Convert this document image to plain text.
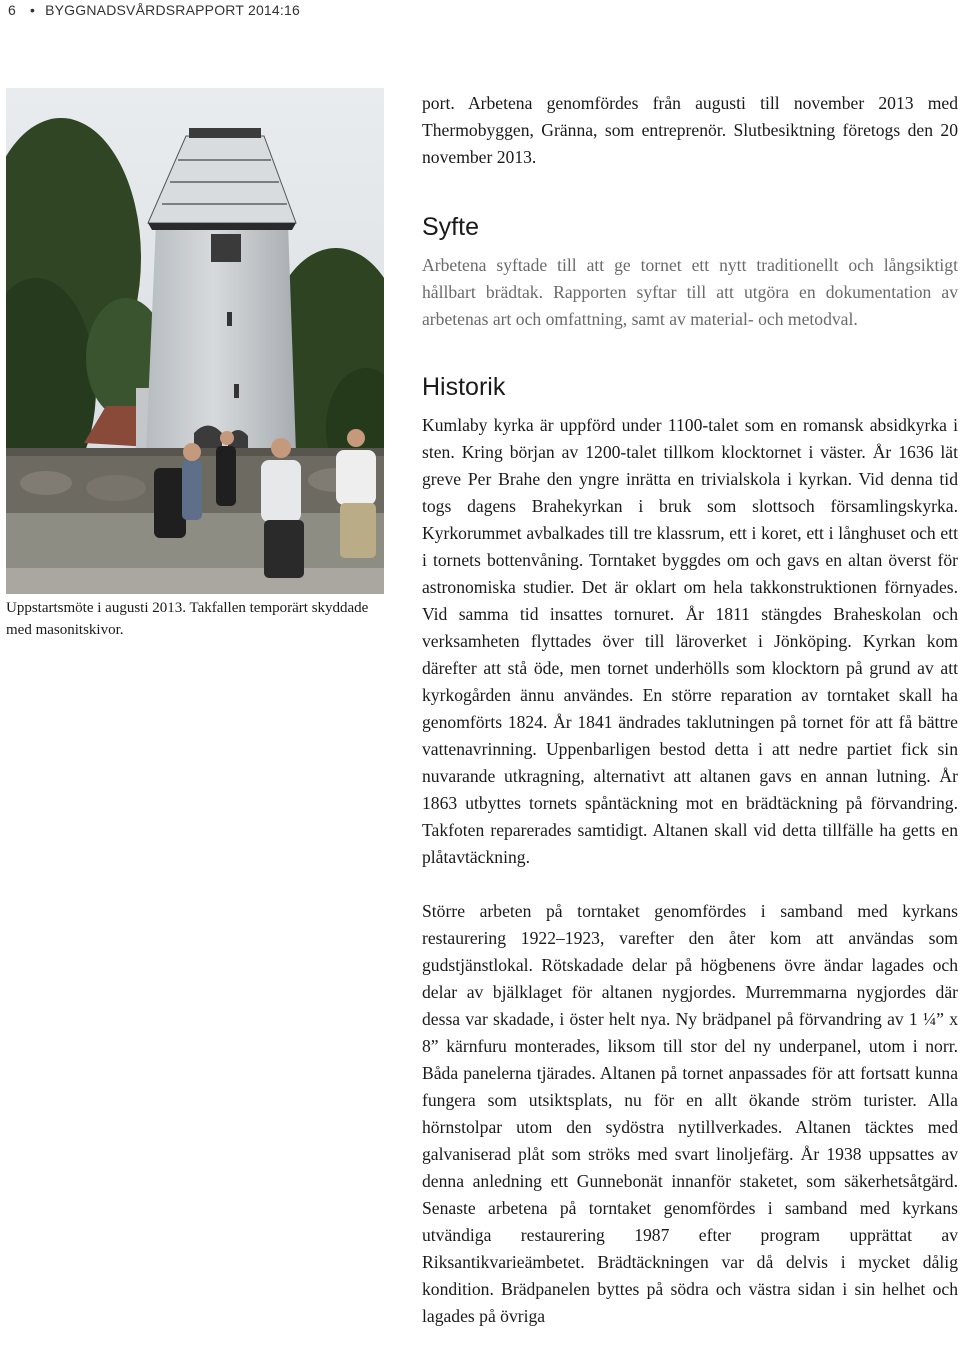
6 • BYGGNADSVÅRDSRAPPORT 2014:16
Uppstartsmöte i augusti 2013. Takfallen temporärt skyddade med masonitskivor.

port. Arbetena genomfördes från augusti till november 2013 med Thermobyggen, Gränna, som entreprenör. Slutbesiktning företogs den 20 november 2013.

Syfte

Arbetena syftade till att ge tornet ett nytt traditionellt och långsiktigt hållbart brädtak. Rapporten syftar till att utgöra en dokumentation av arbetenas art och omfattning, samt av material- och metodval.

Historik

Kumlaby kyrka är uppförd under 1100-talet som en romansk absidkyrka i sten. Kring början av 1200-talet tillkom klocktornet i väster. År 1636 lät greve Per Brahe den yngre inrätta en trivialskola i kyrkan. Vid denna tid togs dagens Brahekyrkan i bruk som slottsoch församlingskyrka. Kyrkorummet avbalkades till tre klassrum, ett i koret, ett i långhuset och ett i tornets bottenvåning. Torntaket byggdes om och gavs en altan överst för astronomiska studier. Det är oklart om hela takkonstruktionen förnyades. Vid samma tid insattes tornuret. År 1811 stängdes Braheskolan och verksamheten flyttades över till läroverket i Jönköping. Kyrkan kom därefter att stå öde, men tornet underhölls som klocktorn på grund av att kyrkogården ännu användes. En större reparation av torntaket skall ha genomförts 1824. År 1841 ändrades taklutningen på tornet för att få bättre vattenavrinning. Uppenbarligen bestod detta i att nedre partiet fick sin nuvarande utkragning, alternativt att altanen gavs en annan lutning. År 1863 utbyttes tornets spåntäckning mot en brädtäckning på förvandring. Takfoten reparerades samtidigt. Altanen skall vid detta tillfälle ha getts en plåtavtäckning.

Större arbeten på torntaket genomfördes i samband med kyrkans restaurering 1922–1923, varefter den åter kom att användas som gudstjänstlokal. Rötskadade delar på högbenens övre ändar lagades och delar av bjälklaget för altanen nygjordes. Murremmarna nygjordes där dessa var skadade, i öster helt nya. Ny brädpanel på förvandring av 1 ¼” x 8” kärnfuru monterades, liksom till stor del ny underpanel, utom i norr. Båda panelerna tjärades. Altanen på tornet anpassades för att fortsatt kunna fungera som utsiktsplats, nu för en allt ökande ström turister. Alla hörnstolpar utom den sydöstra nytillverkades. Altanen täcktes med galvaniserad plåt som ströks med svart linoljefärg. År 1938 uppsattes av denna anledning ett Gunnebonät innanför staketet, som säkerhetsåtgärd. Senaste arbetena på torntaket genomfördes i samband med kyrkans utvändiga restaurering 1987 efter program upprättat av Riksantikvarieämbetet. Brädtäckningen var då delvis i mycket dålig kondition. Brädpanelen byttes på södra och västra sidan i sin helhet och lagades på övriga
